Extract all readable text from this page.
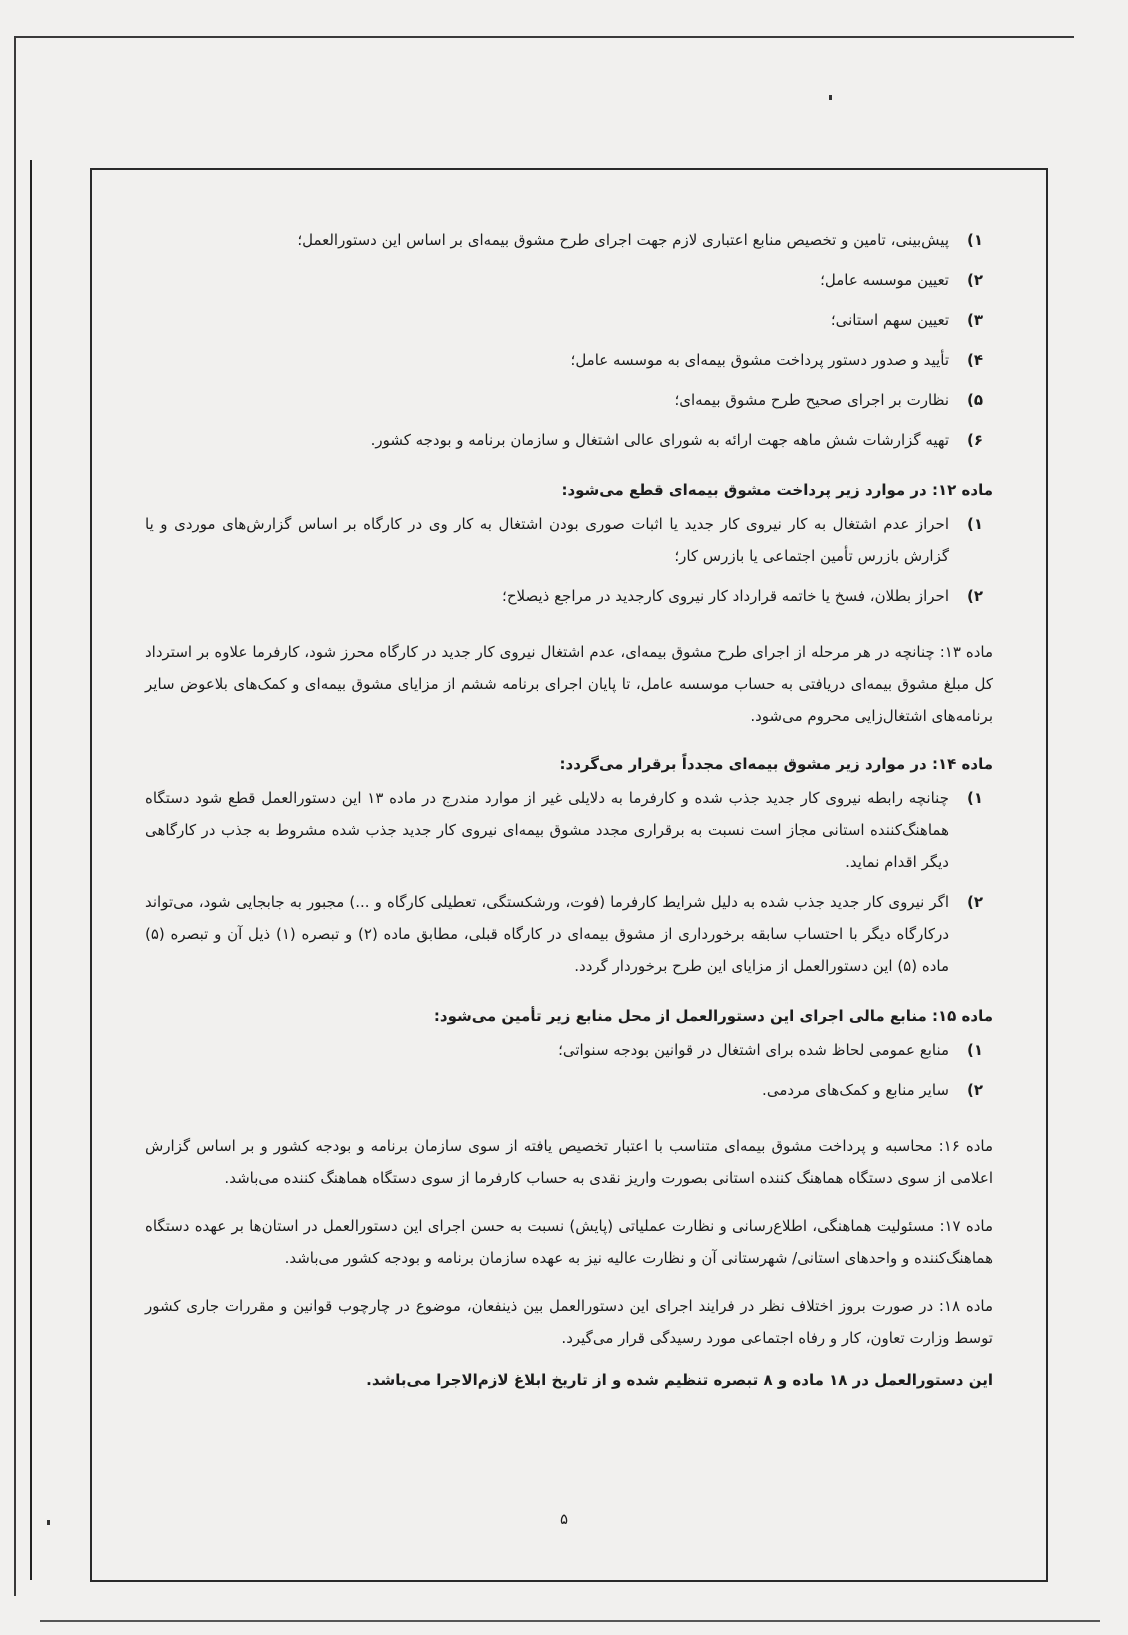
۱)
پیش‌بینی، تامین و تخصیص منابع اعتباری لازم جهت اجرای طرح مشوق بیمه‌ای بر اساس این دستورالعمل؛
۲)
تعیین موسسه عامل؛
۳)
تعیین سهم استانی؛
۴)
تأیید و صدور دستور پرداخت مشوق بیمه‌ای به موسسه عامل؛
۵)
نظارت بر اجرای صحیح طرح مشوق بیمه‌ای؛
۶)
تهیه گزارشات شش ماهه جهت ارائه به شورای عالی اشتغال و سازمان برنامه و بودجه کشور.

ماده ۱۲: در موارد زیر پرداخت مشوق بیمه‌ای قطع می‌شود:

۱)
احراز عدم اشتغال به کار نیروی کار جدید یا اثبات صوری بودن اشتغال به کار وی در کارگاه بر اساس گزارش‌های موردی و یا گزارش بازرس تأمین اجتماعی یا بازرس کار؛
۲)
احراز بطلان، فسخ یا خاتمه قرارداد کار نیروی کارجدید در مراجع ذیصلاح؛

ماده ۱۳: چنانچه در هر مرحله از اجرای طرح مشوق بیمه‌ای، عدم اشتغال نیروی کار جدید در کارگاه محرز شود، کارفرما علاوه بر استرداد کل مبلغ مشوق بیمه‌ای دریافتی به حساب موسسه عامل، تا پایان اجرای برنامه ششم از مزایای مشوق بیمه‌ای و کمک‌های بلاعوض سایر برنامه‌های اشتغال‌زایی محروم می‌شود.

ماده ۱۴: در موارد زیر مشوق بیمه‌ای مجدداً برقرار می‌گردد:

۱)
چنانچه رابطه نیروی کار جدید جذب شده و کارفرما به دلایلی غیر از موارد مندرج در ماده ۱۳ این دستورالعمل قطع شود دستگاه هماهنگ‌کننده استانی مجاز است نسبت به برقراری مجدد مشوق بیمه‌ای نیروی کار جدید جذب شده مشروط به جذب در کارگاهی دیگر اقدام نماید.
۲)
اگر نیروی کار جدید جذب شده به دلیل شرایط کارفرما (فوت، ورشکستگی، تعطیلی کارگاه و ...) مجبور به جابجایی شود، می‌تواند درکارگاه دیگر با احتساب سابقه برخورداری از مشوق بیمه‌ای در کارگاه قبلی، مطابق ماده (۲) و تبصره (۱) ذیل آن و تبصره (۵) ماده (۵) این دستورالعمل از مزایای این طرح برخوردار گردد.

ماده ۱۵: منابع مالی اجرای این دستورالعمل از محل منابع زیر تأمین می‌شود:

۱)
منابع عمومی لحاظ شده برای اشتغال در قوانین بودجه سنواتی؛
۲)
سایر منابع و کمک‌های مردمی.

ماده ۱۶: محاسبه و پرداخت مشوق بیمه‌ای متناسب با اعتبار تخصیص یافته از سوی سازمان برنامه و بودجه کشور و بر اساس گزارش اعلامی از سوی دستگاه هماهنگ کننده استانی بصورت واریز نقدی به حساب کارفرما از سوی دستگاه هماهنگ کننده می‌باشد.

ماده ۱۷: مسئولیت هماهنگی، اطلاع‌رسانی و نظارت عملیاتی (پایش) نسبت به حسن اجرای این دستورالعمل در استان‌ها بر عهده دستگاه هماهنگ‌کننده و واحدهای استانی/ شهرستانی آن و نظارت عالیه نیز به عهده سازمان برنامه و بودجه کشور می‌باشد.

ماده ۱۸: در صورت بروز اختلاف نظر در فرایند اجرای این دستورالعمل بین ذینفعان، موضوع در چارچوب قوانین و مقررات جاری کشور توسط وزارت تعاون، کار و رفاه اجتماعی مورد رسیدگی قرار می‌گیرد.

این دستورالعمل در ۱۸ ماده و ۸ تبصره تنظیم شده و از تاریخ ابلاغ لازم‌الاجرا می‌باشد.

۵
